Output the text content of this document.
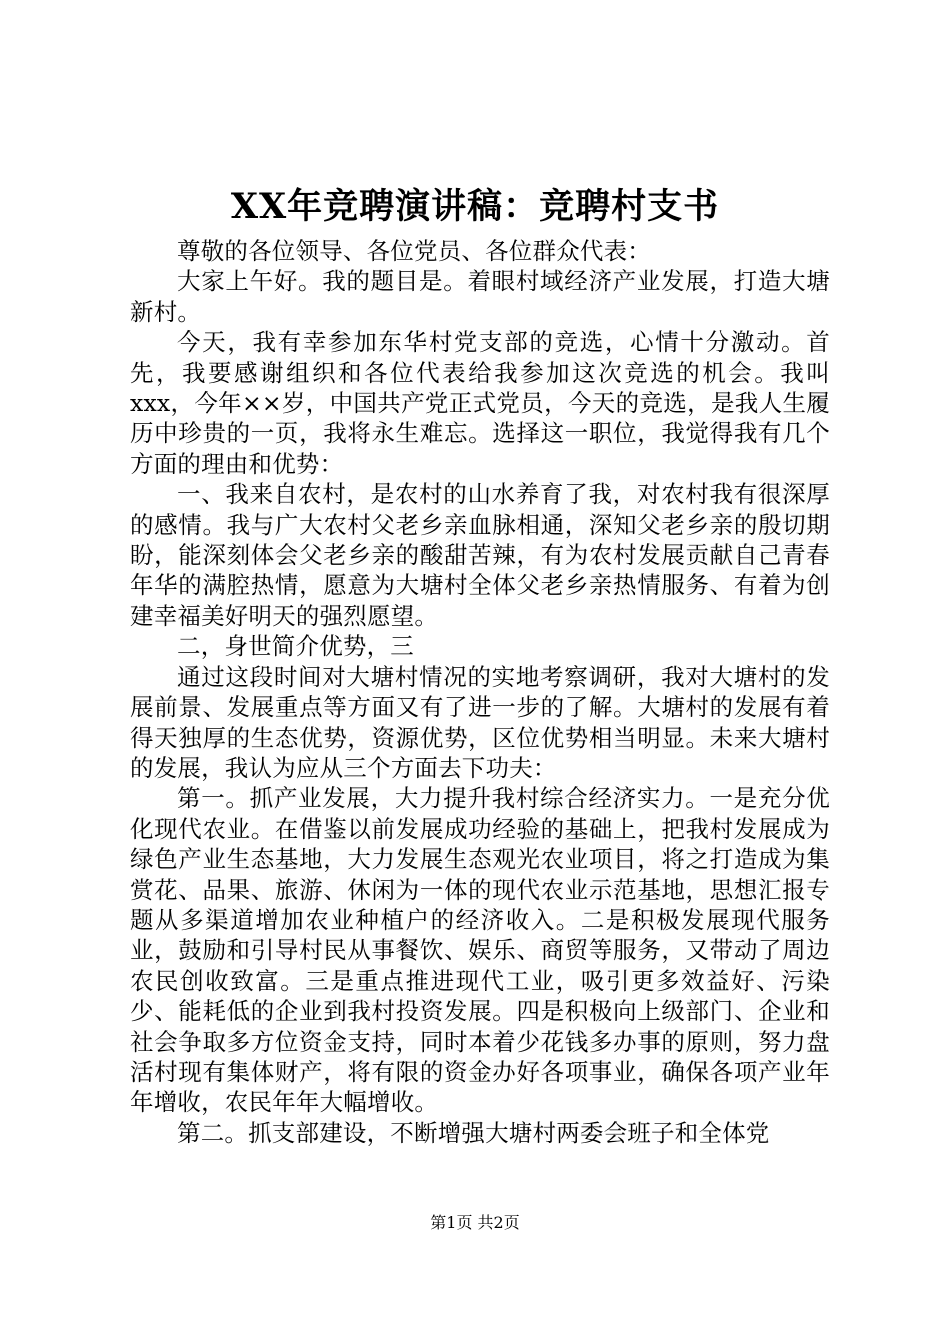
XX年竞聘演讲稿：竞聘村支书

尊敬的各位领导、各位党员、各位群众代表：

大家上午好。我的题目是。着眼村域经济产业发展，打造大塘新村。

今天，我有幸参加东华村党支部的竞选，心情十分激动。首先，我要感谢组织和各位代表给我参加这次竞选的机会。我叫xxx，今年××岁，中国共产党正式党员，今天的竞选，是我人生履历中珍贵的一页，我将永生难忘。选择这一职位，我觉得我有几个方面的理由和优势：

一、我来自农村，是农村的山水养育了我，对农村我有很深厚的感情。我与广大农村父老乡亲血脉相通，深知父老乡亲的殷切期盼，能深刻体会父老乡亲的酸甜苦辣，有为农村发展贡献自己青春年华的满腔热情，愿意为大塘村全体父老乡亲热情服务、有着为创建幸福美好明天的强烈愿望。

二，身世简介优势，三

通过这段时间对大塘村情况的实地考察调研，我对大塘村的发展前景、发展重点等方面又有了进一步的了解。大塘村的发展有着得天独厚的生态优势，资源优势，区位优势相当明显。未来大塘村的发展，我认为应从三个方面去下功夫：

第一。抓产业发展，大力提升我村综合经济实力。一是充分优化现代农业。在借鉴以前发展成功经验的基础上，把我村发展成为绿色产业生态基地，大力发展生态观光农业项目，将之打造成为集赏花、品果、旅游、休闲为一体的现代农业示范基地，思想汇报专题从多渠道增加农业种植户的经济收入。二是积极发展现代服务业，鼓励和引导村民从事餐饮、娱乐、商贸等服务，又带动了周边农民创收致富。三是重点推进现代工业，吸引更多效益好、污染少、能耗低的企业到我村投资发展。四是积极向上级部门、企业和社会争取多方位资金支持，同时本着少花钱多办事的原则，努力盘活村现有集体财产，将有限的资金办好各项事业，确保各项产业年年增收，农民年年大幅增收。

第二。抓支部建设，不断增强大塘村两委会班子和全体党

第1页 共2页
